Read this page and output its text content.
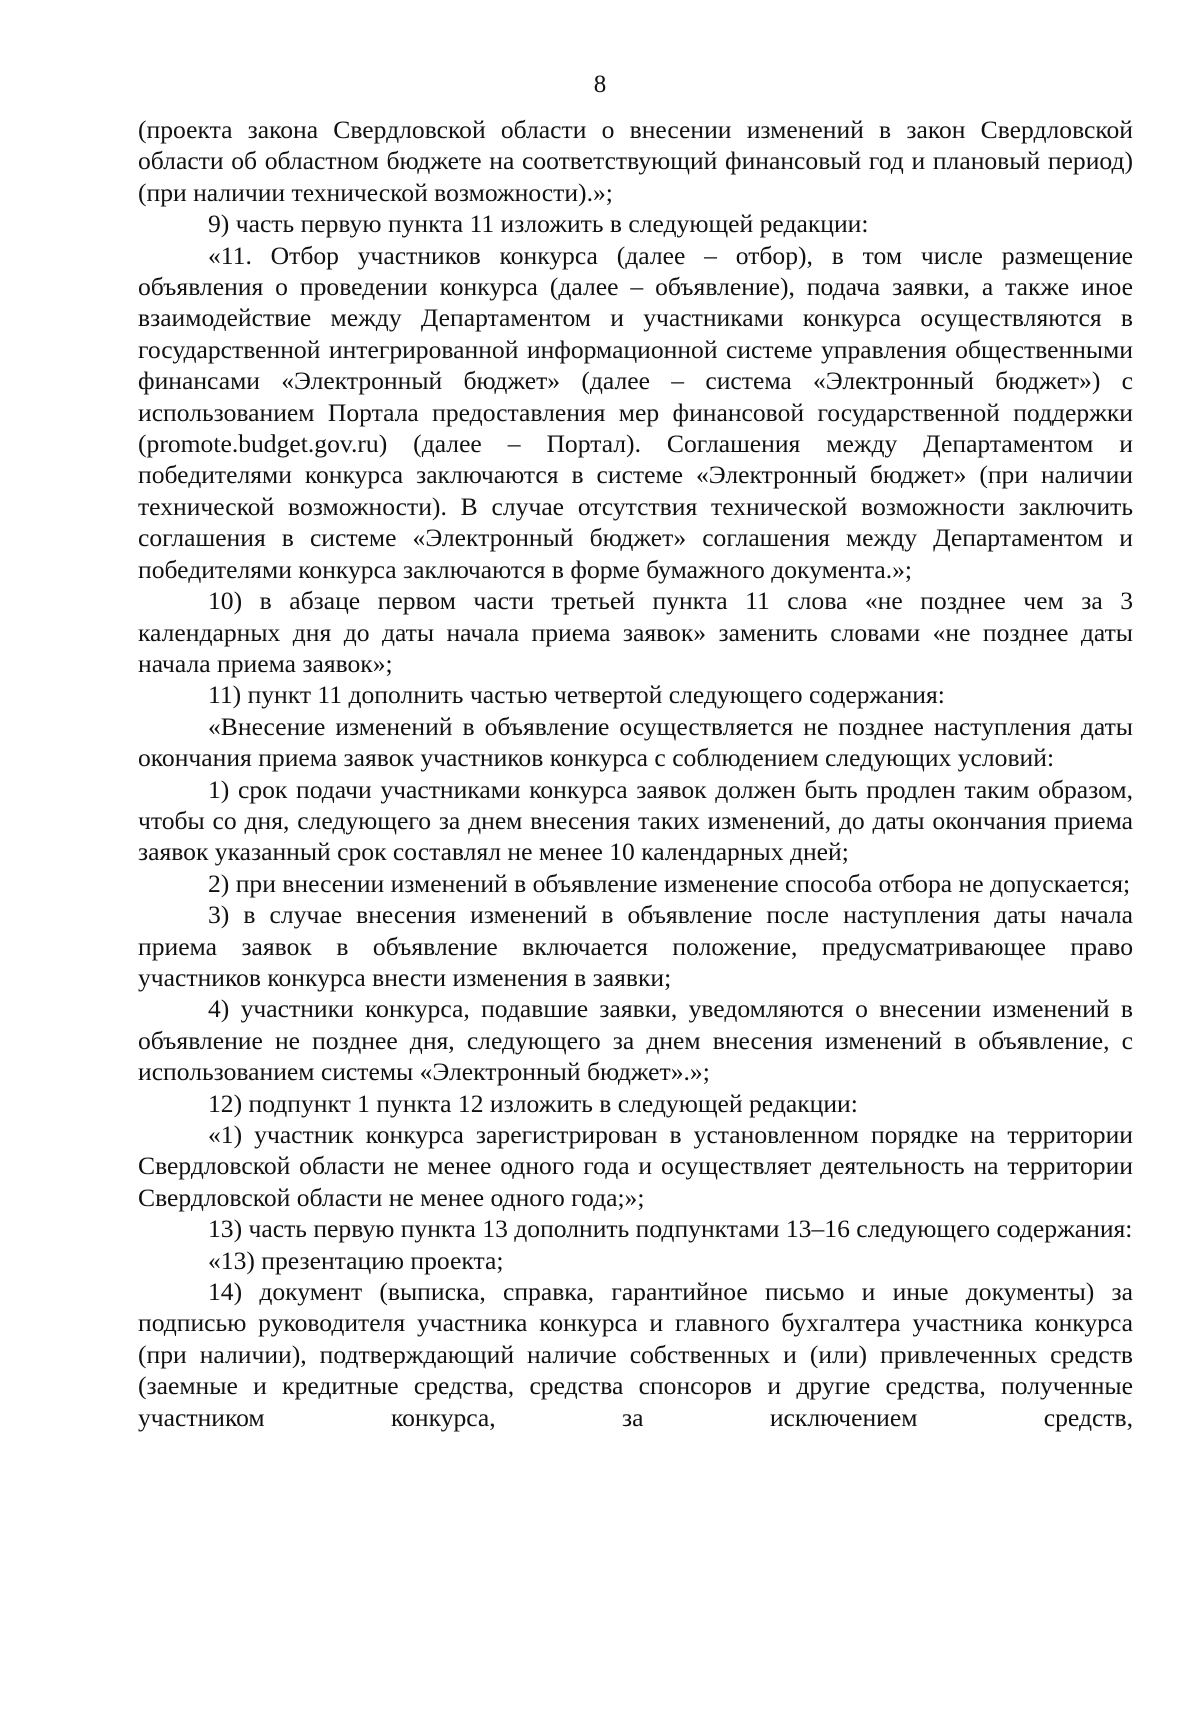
8

(проекта закона Свердловской области о внесении изменений в закон Свердловской области об областном бюджете на соответствующий финансовый год и плановый период) (при наличии технической возможности).»;

9) часть первую пункта 11 изложить в следующей редакции:

«11. Отбор участников конкурса (далее – отбор), в том числе размещение объявления о проведении конкурса (далее – объявление), подача заявки, а также иное взаимодействие между Департаментом и участниками конкурса осуществляются в государственной интегрированной информационной системе управления общественными финансами «Электронный бюджет» (далее – система «Электронный бюджет») с использованием Портала предоставления мер финансовой государственной поддержки (promote.budget.gov.ru) (далее – Портал). Соглашения между Департаментом и победителями конкурса заключаются в системе «Электронный бюджет» (при наличии технической возможности). В случае отсутствия технической возможности заключить соглашения в системе «Электронный бюджет» соглашения между Департаментом и победителями конкурса заключаются в форме бумажного документа.»;

10) в абзаце первом части третьей пункта 11 слова «не позднее чем за 3 календарных дня до даты начала приема заявок» заменить словами «не позднее даты начала приема заявок»;

11) пункт 11 дополнить частью четвертой следующего содержания:

«Внесение изменений в объявление осуществляется не позднее наступления даты окончания приема заявок участников конкурса с соблюдением следующих условий:

1) срок подачи участниками конкурса заявок должен быть продлен таким образом, чтобы со дня, следующего за днем внесения таких изменений, до даты окончания приема заявок указанный срок составлял не менее 10 календарных дней;

2) при внесении изменений в объявление изменение способа отбора не допускается;

3) в случае внесения изменений в объявление после наступления даты начала приема заявок в объявление включается положение, предусматривающее право участников конкурса внести изменения в заявки;

4) участники конкурса, подавшие заявки, уведомляются о внесении изменений в объявление не позднее дня, следующего за днем внесения изменений в объявление, с использованием системы «Электронный бюджет».»;

12) подпункт 1 пункта 12 изложить в следующей редакции:

«1) участник конкурса зарегистрирован в установленном порядке на территории Свердловской области не менее одного года и осуществляет деятельность на территории Свердловской области не менее одного года;»;

13) часть первую пункта 13 дополнить подпунктами 13–16 следующего содержания:

«13) презентацию проекта;

14) документ (выписка, справка, гарантийное письмо и иные документы) за подписью руководителя участника конкурса и главного бухгалтера участника конкурса (при наличии), подтверждающий наличие собственных и (или) привлеченных средств (заемные и кредитные средства, средства спонсоров и другие средства, полученные участником конкурса, за исключением средств,
